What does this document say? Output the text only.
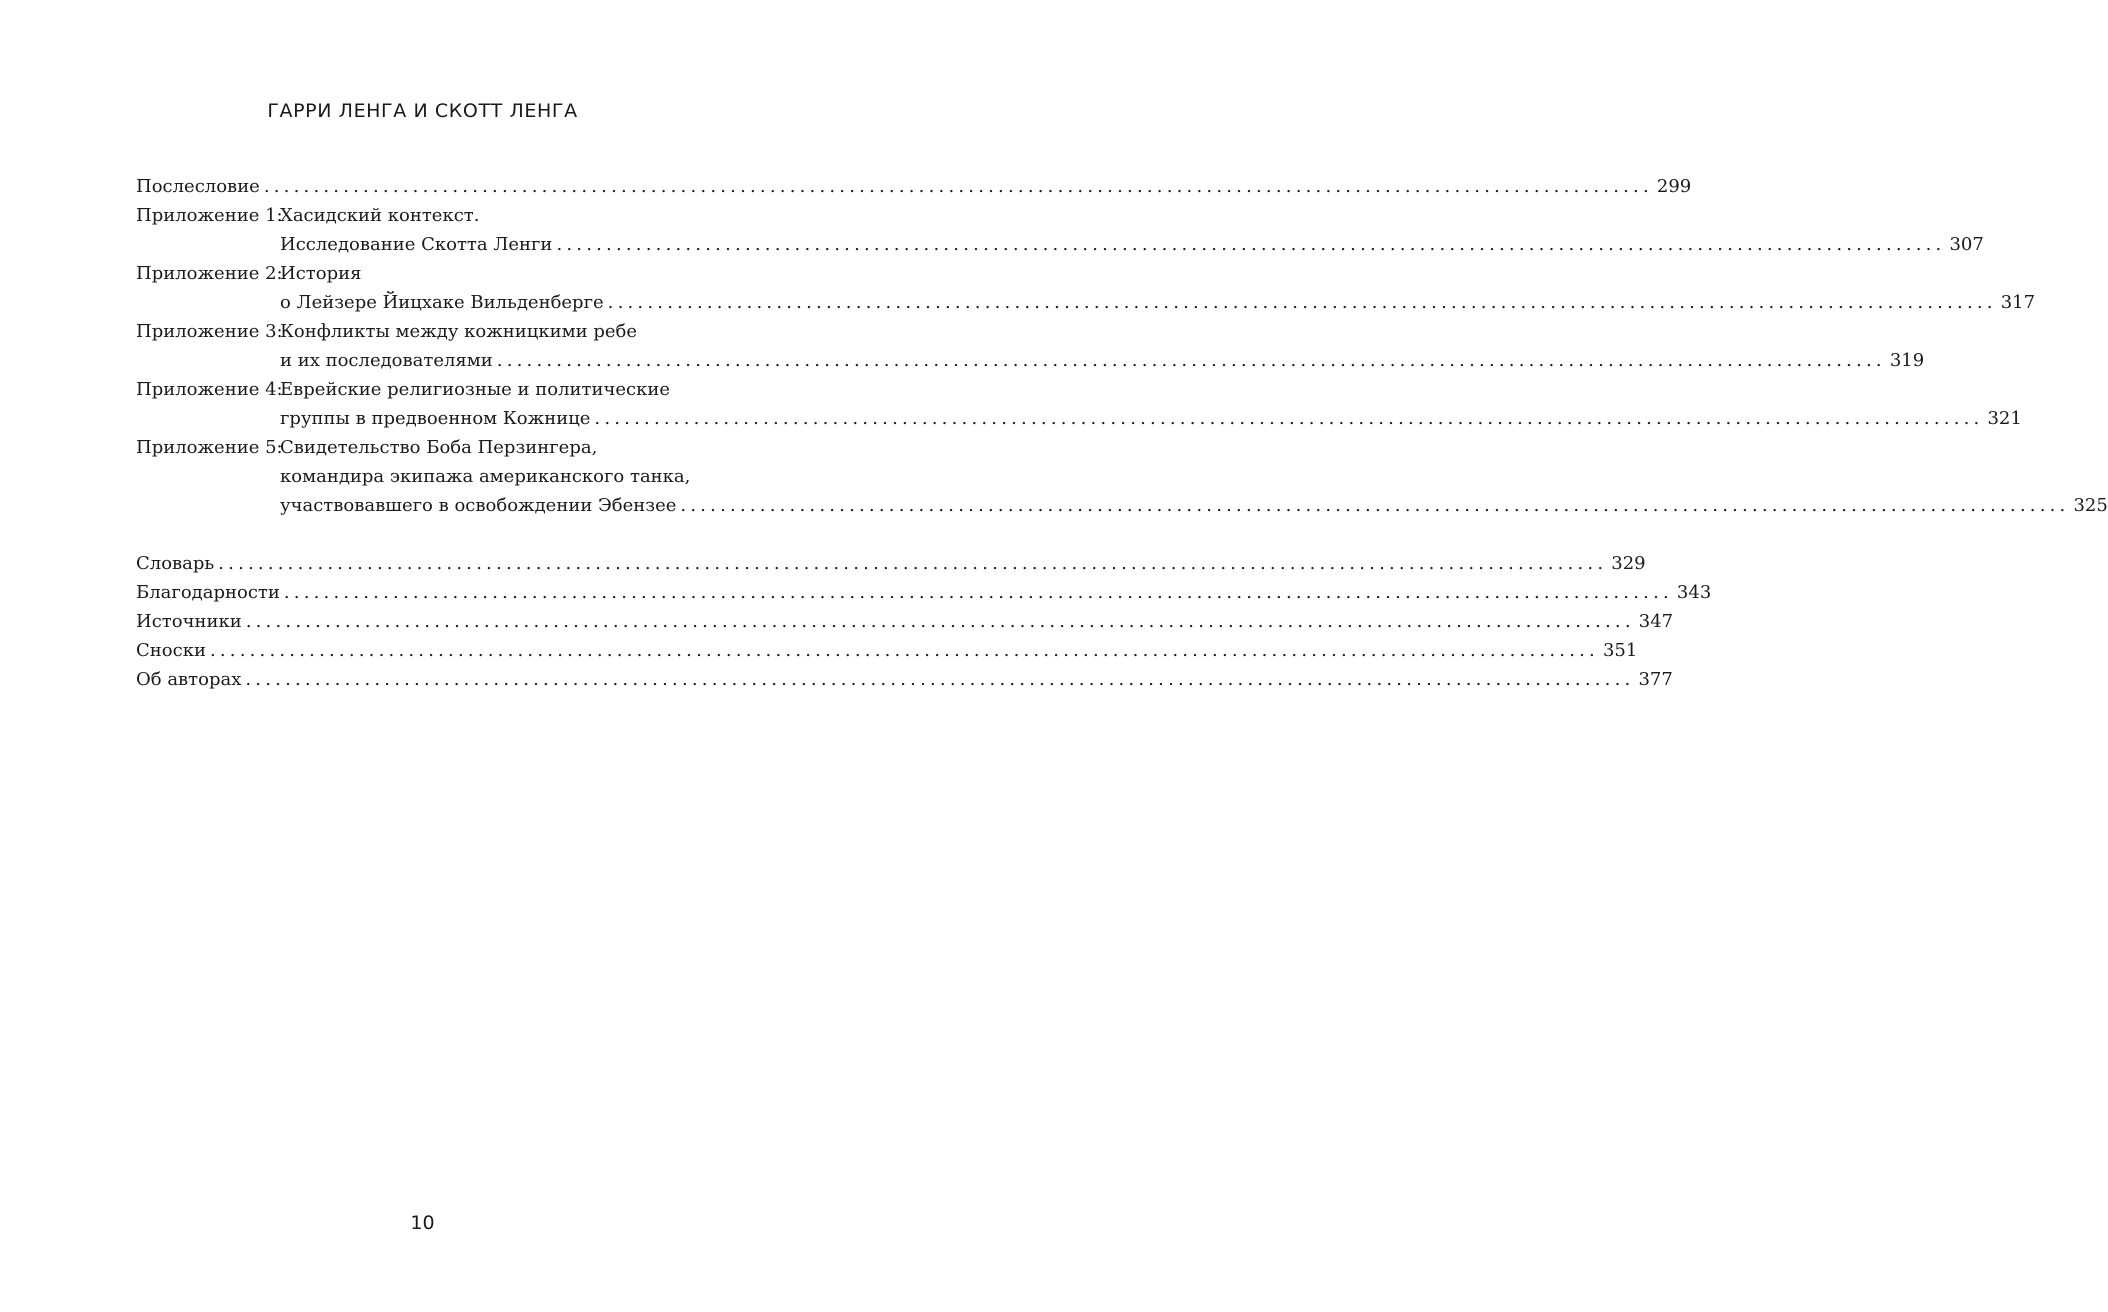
ГАРРИ ЛЕНГА И СКОТТ ЛЕНГА
Послесловие ............................................................................................................................................ 299
Приложение 1:
Хасидский контекст.
Исследование Скотта Ленги ............................................................................................................................................ 307
Приложение 2:
История
о Лейзере Йицхаке Вильденберге ............................................................................................................................................ 317
Приложение 3:
Конфликты между кожницкими ребе
и их последователями ............................................................................................................................................ 319
Приложение 4:
Еврейские религиозные и политические
группы в предвоенном Кожнице ............................................................................................................................................ 321
Приложение 5:
Свидетельство Боба Перзингера,
командира экипажа американского танка,
участвовавшего в освобождении Эбензее ............................................................................................................................................ 325
Словарь ............................................................................................................................................ 329
Благодарности ............................................................................................................................................ 343
Источники ............................................................................................................................................ 347
Сноски ............................................................................................................................................ 351
Об авторах ............................................................................................................................................ 377
10
